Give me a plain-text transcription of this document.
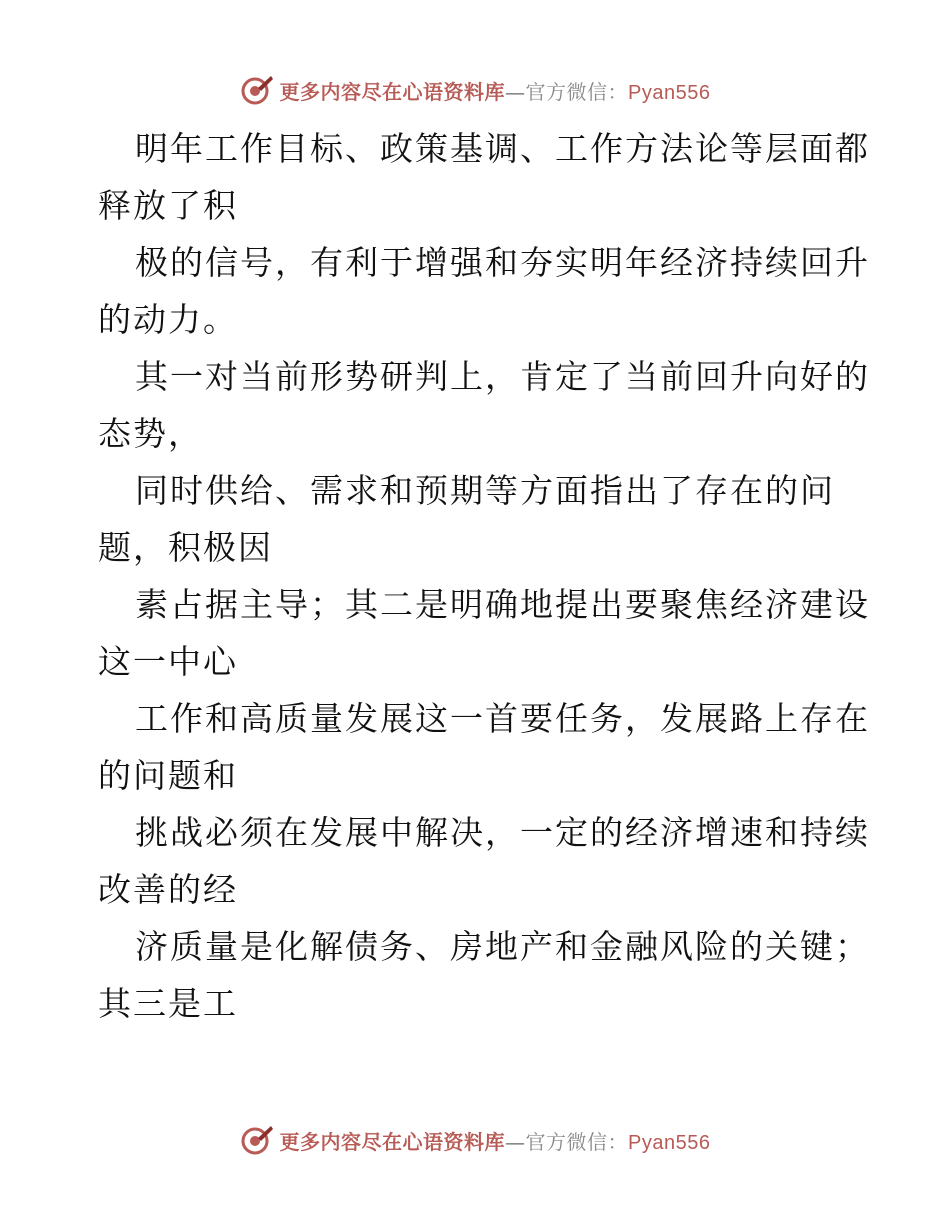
更多内容尽在心语资料库—官方微信：Pyan556
明年工作目标、政策基调、工作方法论等层面都
释放了积
极的信号，有利于增强和夯实明年经济持续回升
的动力。
其一对当前形势研判上，肯定了当前回升向好的
态势，
同时供给、需求和预期等方面指出了存在的问
题，积极因
素占据主导；其二是明确地提出要聚焦经济建设
这一中心
工作和高质量发展这一首要任务，发展路上存在
的问题和
挑战必须在发展中解决，一定的经济增速和持续
改善的经
济质量是化解债务、房地产和金融风险的关键；
其三是工
更多内容尽在心语资料库—官方微信：Pyan556
